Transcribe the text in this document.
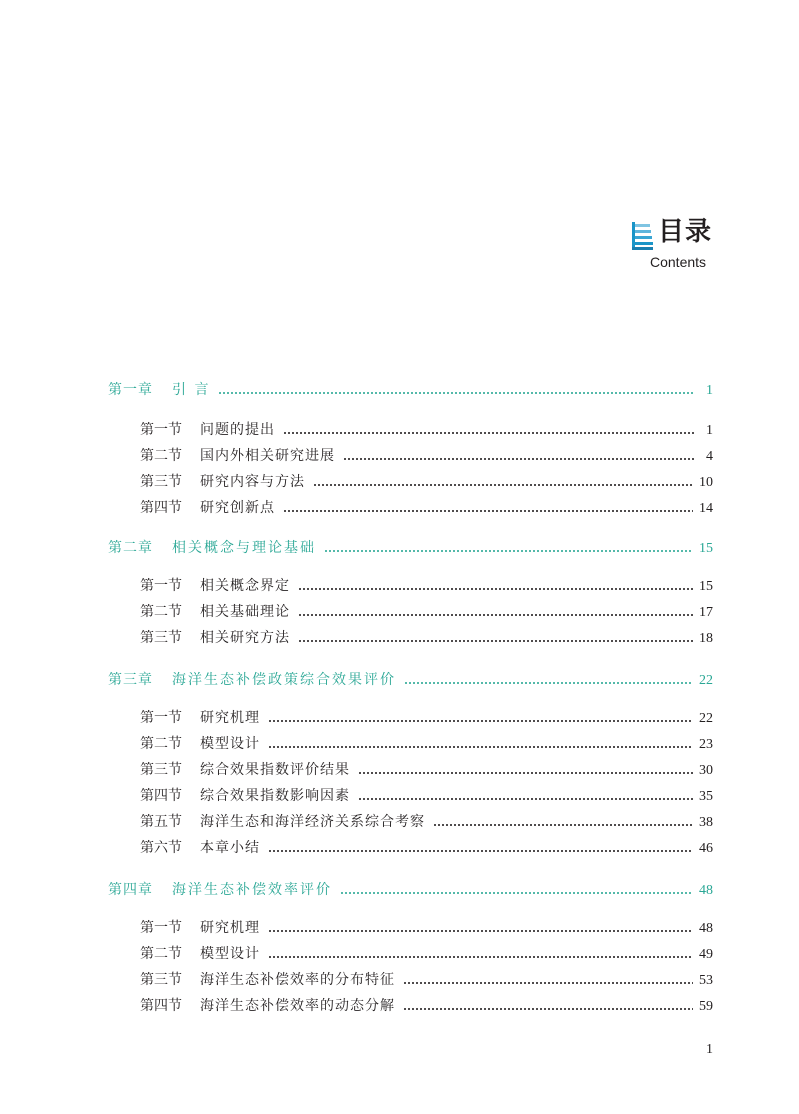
目录
Contents
第一章	引 言	1
第一节	问题的提出	1
第二节	国内外相关研究进展	4
第三节	研究内容与方法	10
第四节	研究创新点	14
第二章	相关概念与理论基础	15
第一节	相关概念界定	15
第二节	相关基础理论	17
第三节	相关研究方法	18
第三章	海洋生态补偿政策综合效果评价	22
第一节	研究机理	22
第二节	模型设计	23
第三节	综合效果指数评价结果	30
第四节	综合效果指数影响因素	35
第五节	海洋生态和海洋经济关系综合考察	38
第六节	本章小结	46
第四章	海洋生态补偿效率评价	48
第一节	研究机理	48
第二节	模型设计	49
第三节	海洋生态补偿效率的分布特征	53
第四节	海洋生态补偿效率的动态分解	59
1
